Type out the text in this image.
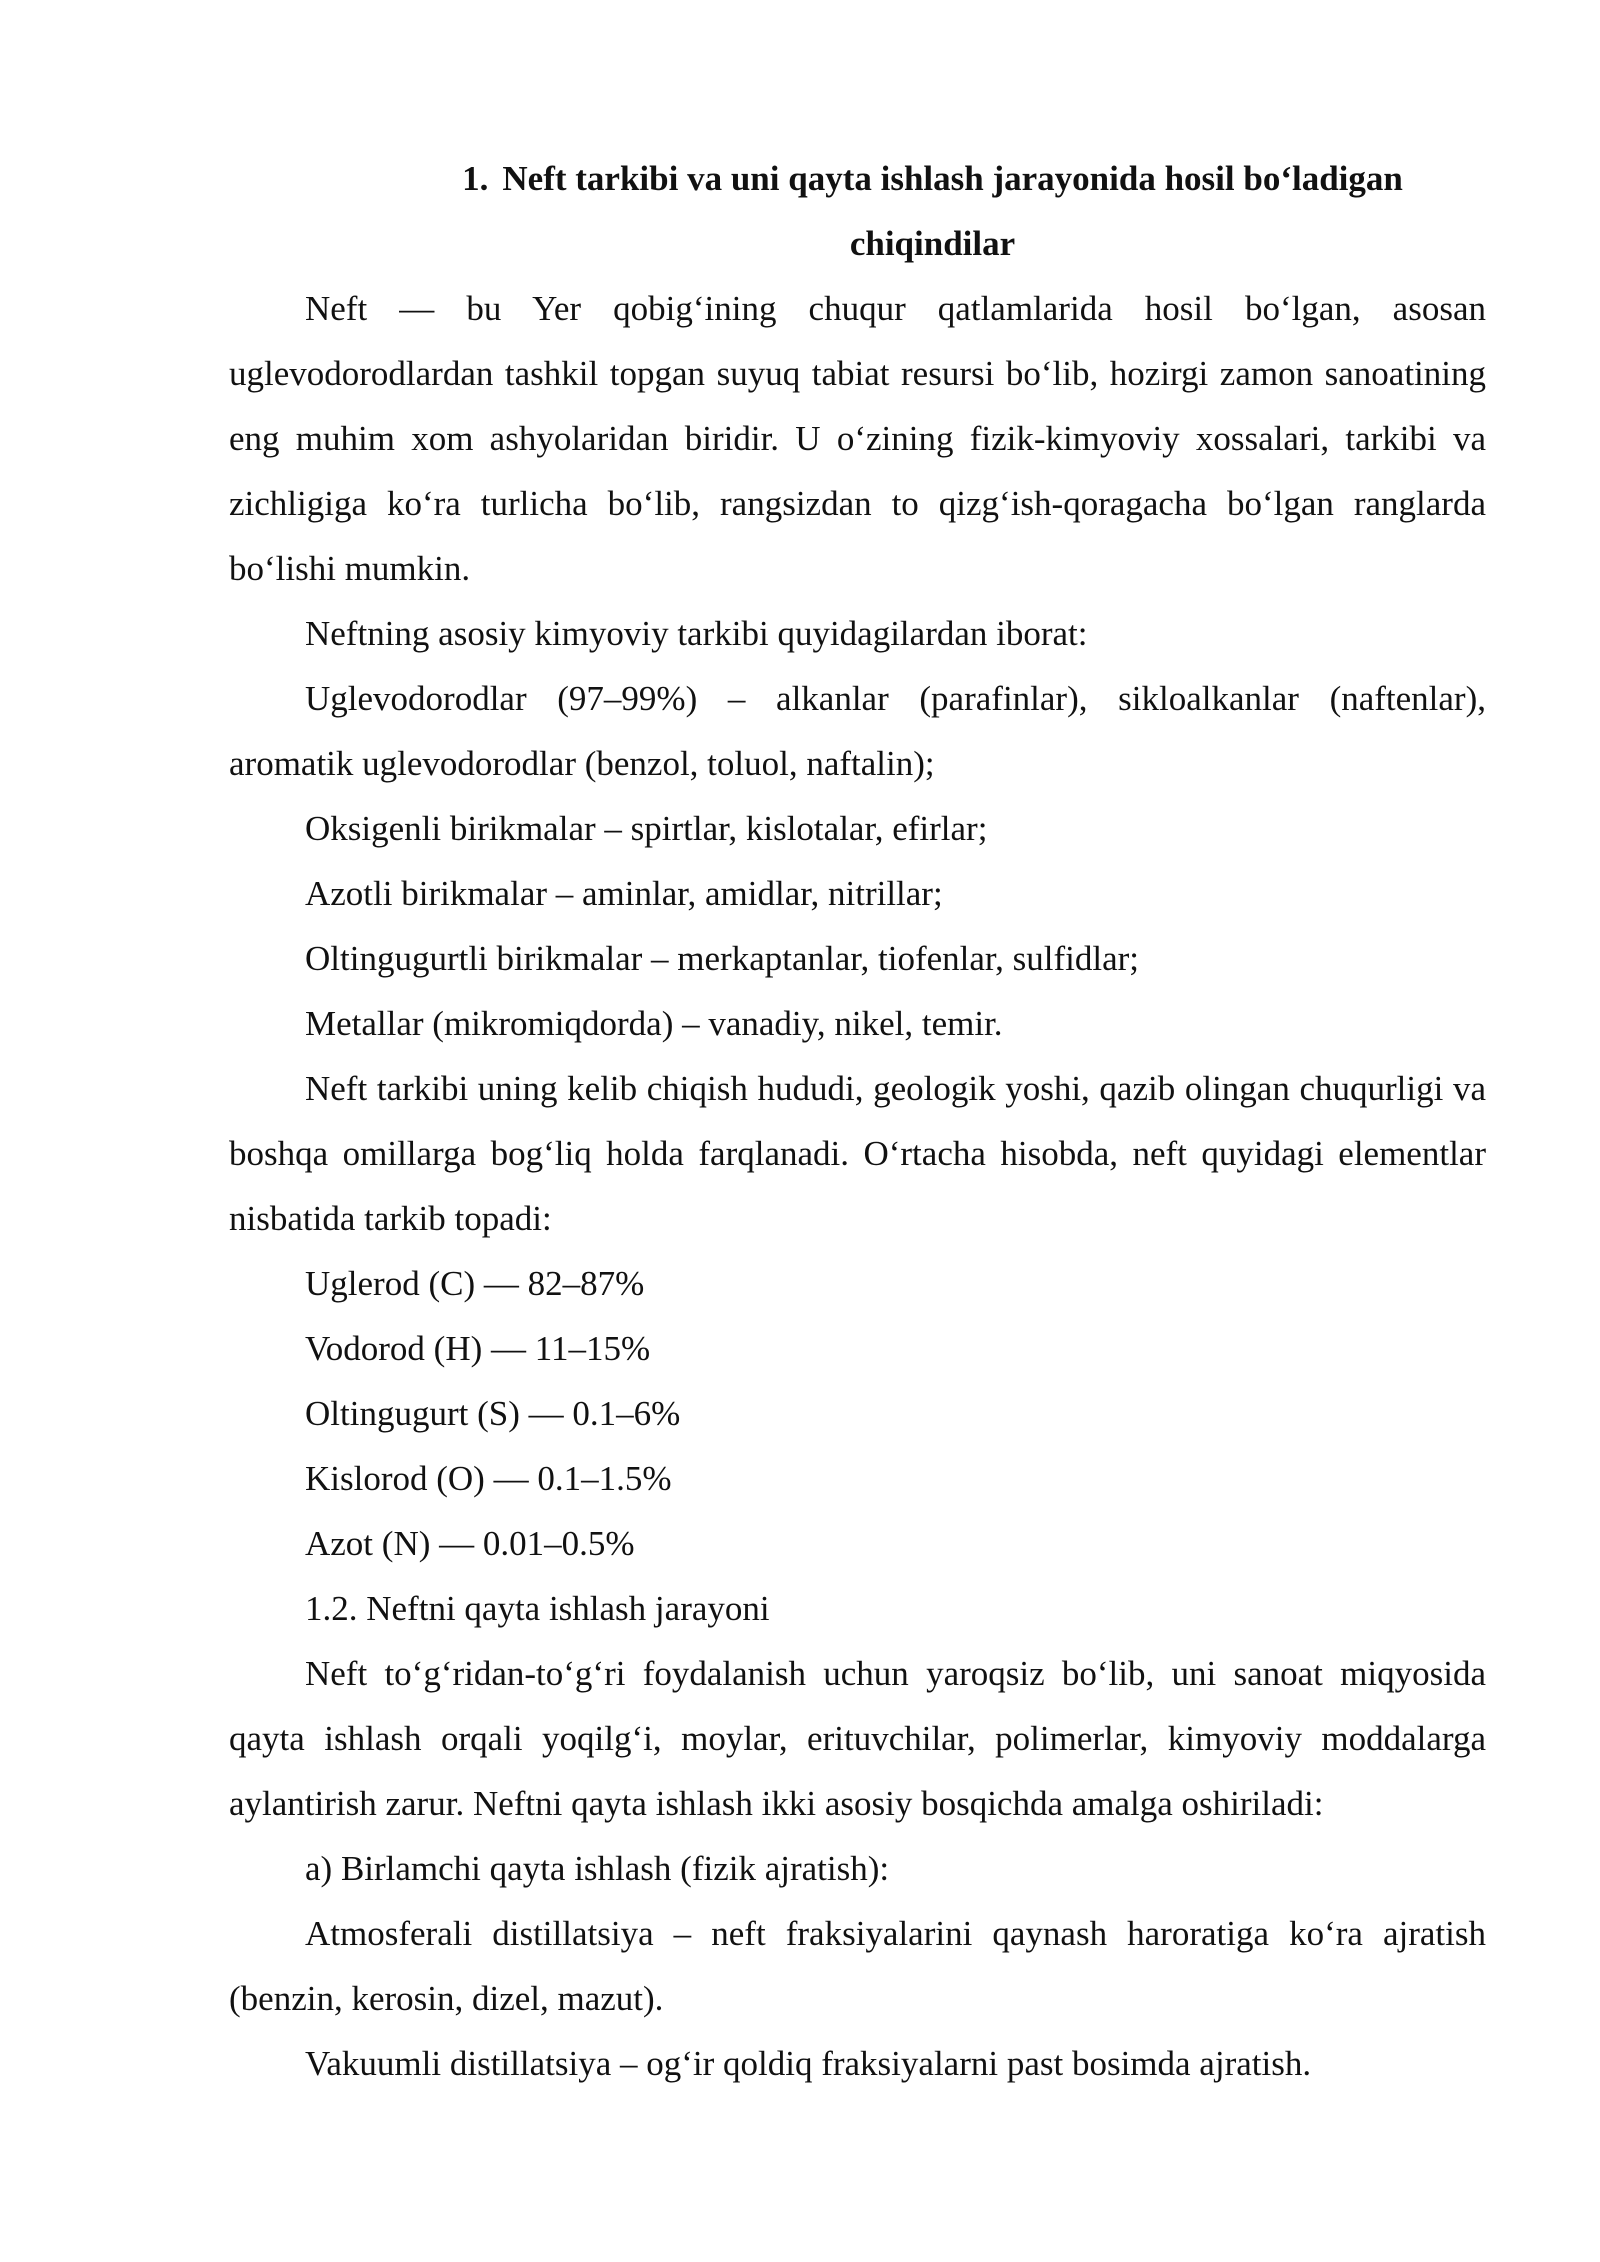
1. Neft tarkibi va uni qayta ishlash jarayonida hosil boʻladigan chiqindilar

Neft — bu Yer qobigʻining chuqur qatlamlarida hosil boʻlgan, asosan uglevodorodlardan tashkil topgan suyuq tabiat resursi boʻlib, hozirgi zamon sanoatining eng muhim xom ashyolaridan biridir. U oʻzining fizik-kimyoviy xossalari, tarkibi va zichligiga koʻra turlicha boʻlib, rangsizdan to qizgʻish-qoragacha boʻlgan ranglarda boʻlishi mumkin.

Neftning asosiy kimyoviy tarkibi quyidagilardan iborat:

Uglevodorodlar (97–99%) – alkanlar (parafinlar), sikloalkanlar (naftenlar), aromatik uglevodorodlar (benzol, toluol, naftalin);

Oksigenli birikmalar – spirtlar, kislotalar, efirlar;

Azotli birikmalar – aminlar, amidlar, nitrillar;

Oltingugurtli birikmalar – merkaptanlar, tiofenlar, sulfidlar;

Metallar (mikromiqdorda) – vanadiy, nikel, temir.

Neft tarkibi uning kelib chiqish hududi, geologik yoshi, qazib olingan chuqurligi va boshqa omillarga bogʻliq holda farqlanadi. Oʻrtacha hisobda, neft quyidagi elementlar nisbatida tarkib topadi:

Uglerod (C) — 82–87%

Vodorod (H) — 11–15%

Oltingugurt (S) — 0.1–6%

Kislorod (O) — 0.1–1.5%

Azot (N) — 0.01–0.5%

1.2. Neftni qayta ishlash jarayoni

Neft toʻgʻridan-toʻgʻri foydalanish uchun yaroqsiz boʻlib, uni sanoat miqyosida qayta ishlash orqali yoqilgʻi, moylar, erituvchilar, polimerlar, kimyoviy moddalarga aylantirish zarur. Neftni qayta ishlash ikki asosiy bosqichda amalga oshiriladi:

a) Birlamchi qayta ishlash (fizik ajratish):

Atmosferali distillatsiya – neft fraksiyalarini qaynash haroratiga koʻra ajratish (benzin, kerosin, dizel, mazut).

Vakuumli distillatsiya – ogʻir qoldiq fraksiyalarni past bosimda ajratish.
